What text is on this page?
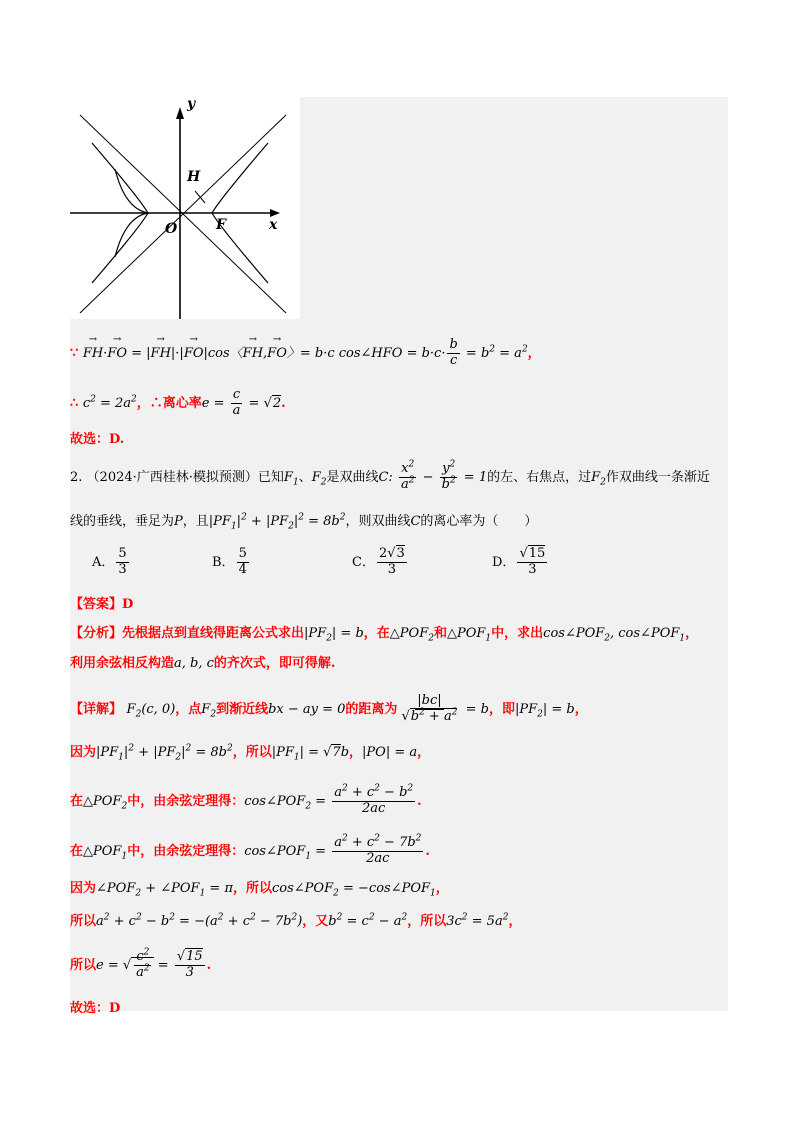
y
x
O
H
F
∵ → FH·→ FO = |→ FH|·|→ FO|cos〈→ FH,→ FO〉= b·c cos∠HFO = $b\cdot c\cdot \frac{b}{c} = b^2 = a^2$，
∴ $c^2 = 2a^2$，∴离心率$e = \frac{c}{a} = √2$.
故选：D.
2. （2024·广西桂林·模拟预测）已知$F_1$、$F_2$是双曲线C: $\frac{x^2}{a^2} - \frac{y^2}{b^2} = 1$的左、右焦点，过$F_2$作双曲线一条渐近
线的垂线，垂足为P，且$|PF_1|^2 + |PF_2|^2 = 8b^2$，则双曲线C的离心率为（　　）
A． $\frac{5}{3}$	B． $\frac{5}{4}$	C． $\frac{2√3}{3}$	D． $\frac{√15}{3}$
【答案】D
【分析】先根据点到直线得距离公式求出$|PF_2| = b$，在$\triangle POF_2$和$\triangle POF_1$中，求出$\cos\angle POF_2$, $\cos\angle POF_1$，
利用余弦相反构造a, b, c的齐次式，即可得解.
【详解】 $F_2(c$, 0)，点$F_2$到渐近线bx − ay = 0的距离为 $\frac{|bc|}{√b^2 + a^2} = b$，即$|PF_2| = b$，
因为$|PF_1|^2 + |PF_2|^2 = 8b^2$，所以$|PF_1| = √7b$，|PO| = a，
在$\triangle POF_2$中，由余弦定理得：$\cos\angle POF_2 = \frac{a^2 + c^2 - b^2}{2ac}$ .
在$\triangle POF_1$中，由余弦定理得：$\cos\angle POF_1 = \frac{a^2 + c^2 - 7b^2}{2ac}$ .
因为$\angle POF_2$ + $\angle POF_1 = \pi$，所以$\cos\angle POF_2$ = $-\cos\angle POF_1$，
所以$a^2 + c^2 - b^2 = -(a^2 + c^2 - 7b^2)$，又$b^2 = c^2 - a^2$，所以$3c^2 = 5a^2$，
所以e = √ $\frac{c^2}{a^2} = \frac{√15}{3}$ .
故选：D
